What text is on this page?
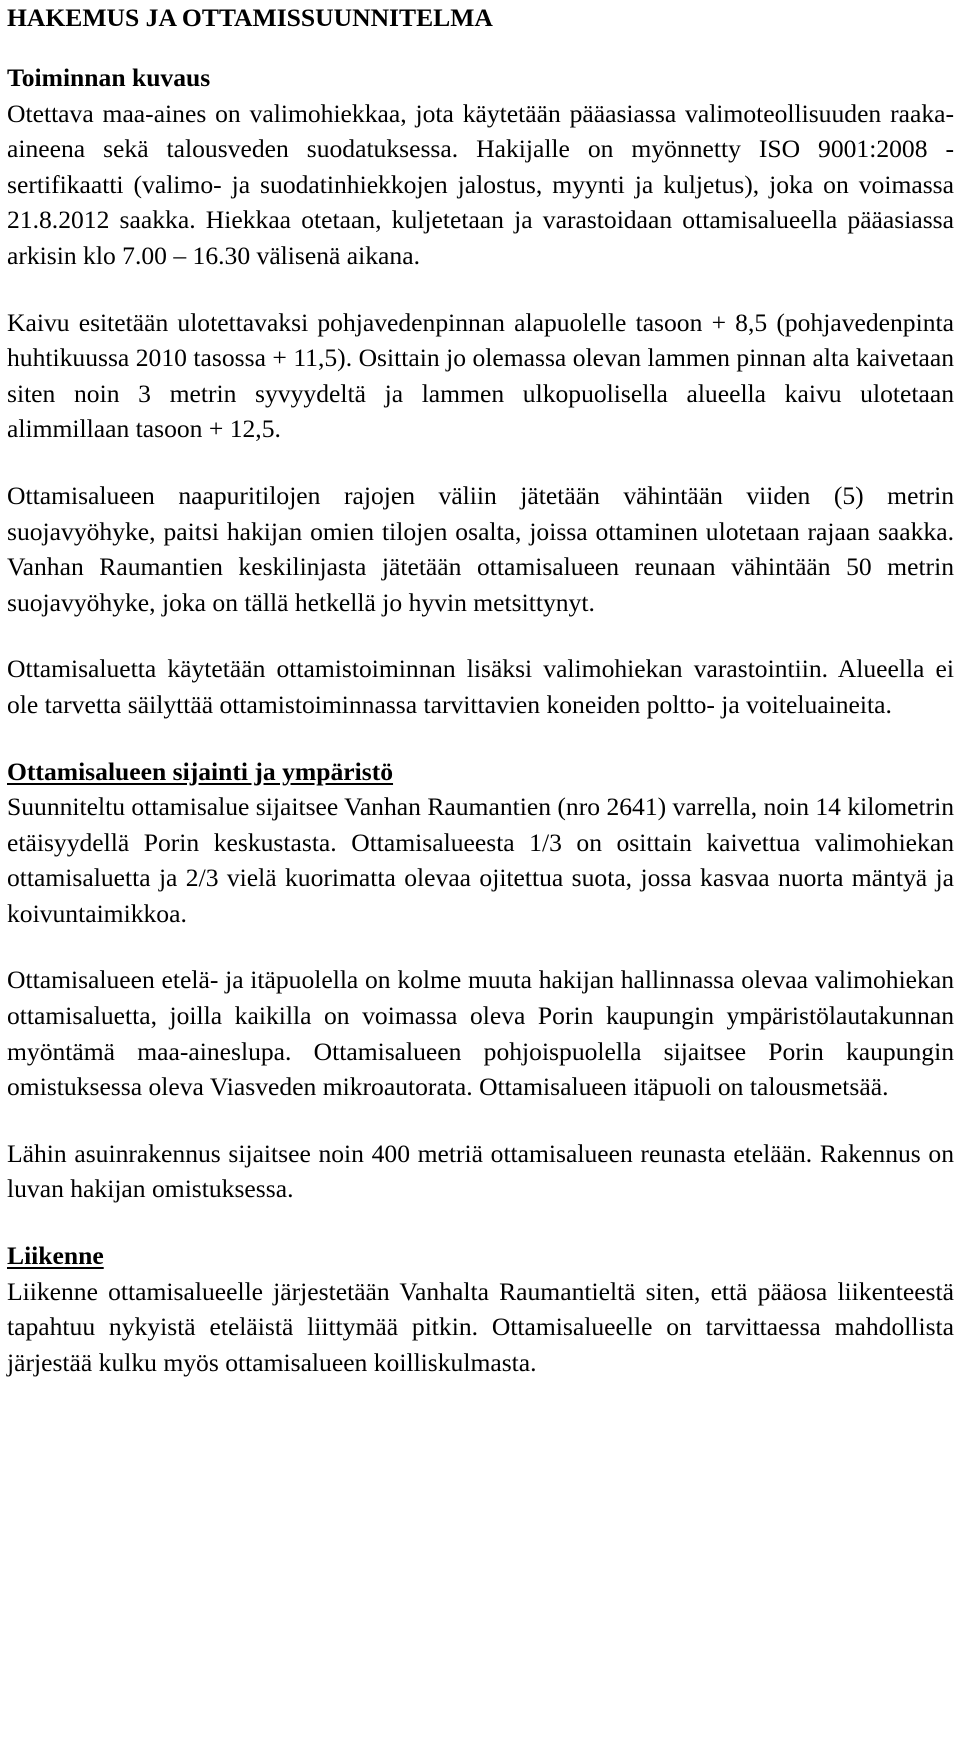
HAKEMUS JA OTTAMISSUUNNITELMA
Toiminnan kuvaus

Otettava maa-aines on valimohiekkaa, jota käytetään pääasiassa valimoteollisuuden raaka-aineena sekä talousveden suodatuksessa. Hakijalle on myönnetty ISO 9001:2008 -sertifikaatti (valimo- ja suodatinhiekkojen jalostus, myynti ja kuljetus), joka on voimassa 21.8.2012 saakka. Hiekkaa otetaan, kuljetetaan ja varastoidaan ottamisalueella pääasiassa arkisin klo 7.00 – 16.30 välisenä aikana.

Kaivu esitetään ulotettavaksi pohjavedenpinnan alapuolelle tasoon + 8,5 (pohjavedenpinta huhtikuussa 2010 tasossa + 11,5). Osittain jo olemassa olevan lammen pinnan alta kaivetaan siten noin 3 metrin syvyydeltä ja lammen ulkopuolisella alueella kaivu ulotetaan alimmillaan tasoon + 12,5.

Ottamisalueen naapuritilojen rajojen väliin jätetään vähintään viiden (5) metrin suojavyöhyke, paitsi hakijan omien tilojen osalta, joissa ottaminen ulotetaan rajaan saakka. Vanhan Raumantien keskilinjasta jätetään ottamisalueen reunaan vähintään 50 metrin suojavyöhyke, joka on tällä hetkellä jo hyvin metsittynyt.

Ottamisaluetta käytetään ottamistoiminnan lisäksi valimohiekan varastointiin. Alueella ei ole tarvetta säilyttää ottamistoiminnassa tarvittavien koneiden poltto- ja voiteluaineita.

Ottamisalueen sijainti ja ympäristö

Suunniteltu ottamisalue sijaitsee Vanhan Raumantien (nro 2641) varrella, noin 14 kilometrin etäisyydellä Porin keskustasta. Ottamisalueesta 1/3 on osittain kaivettua valimohiekan ottamisaluetta ja 2/3 vielä kuorimatta olevaa ojitettua suota, jossa kasvaa nuorta mäntyä ja koivuntaimikkoa.

Ottamisalueen etelä- ja itäpuolella on kolme muuta hakijan hallinnassa olevaa valimohiekan ottamisaluetta, joilla kaikilla on voimassa oleva Porin kaupungin ympäristölautakunnan myöntämä maa-aineslupa. Ottamisalueen pohjoispuolella sijaitsee Porin kaupungin omistuksessa oleva Viasveden mikroautorata. Ottamisalueen itäpuoli on talousmetsää.

Lähin asuinrakennus sijaitsee noin 400 metriä ottamisalueen reunasta etelään. Rakennus on luvan hakijan omistuksessa.

Liikenne

Liikenne ottamisalueelle järjestetään Vanhalta Raumantieltä siten, että pääosa liikenteestä tapahtuu nykyistä eteläistä liittymää pitkin. Ottamisalueelle on tarvittaessa mahdollista järjestää kulku myös ottamisalueen koilliskulmasta.
